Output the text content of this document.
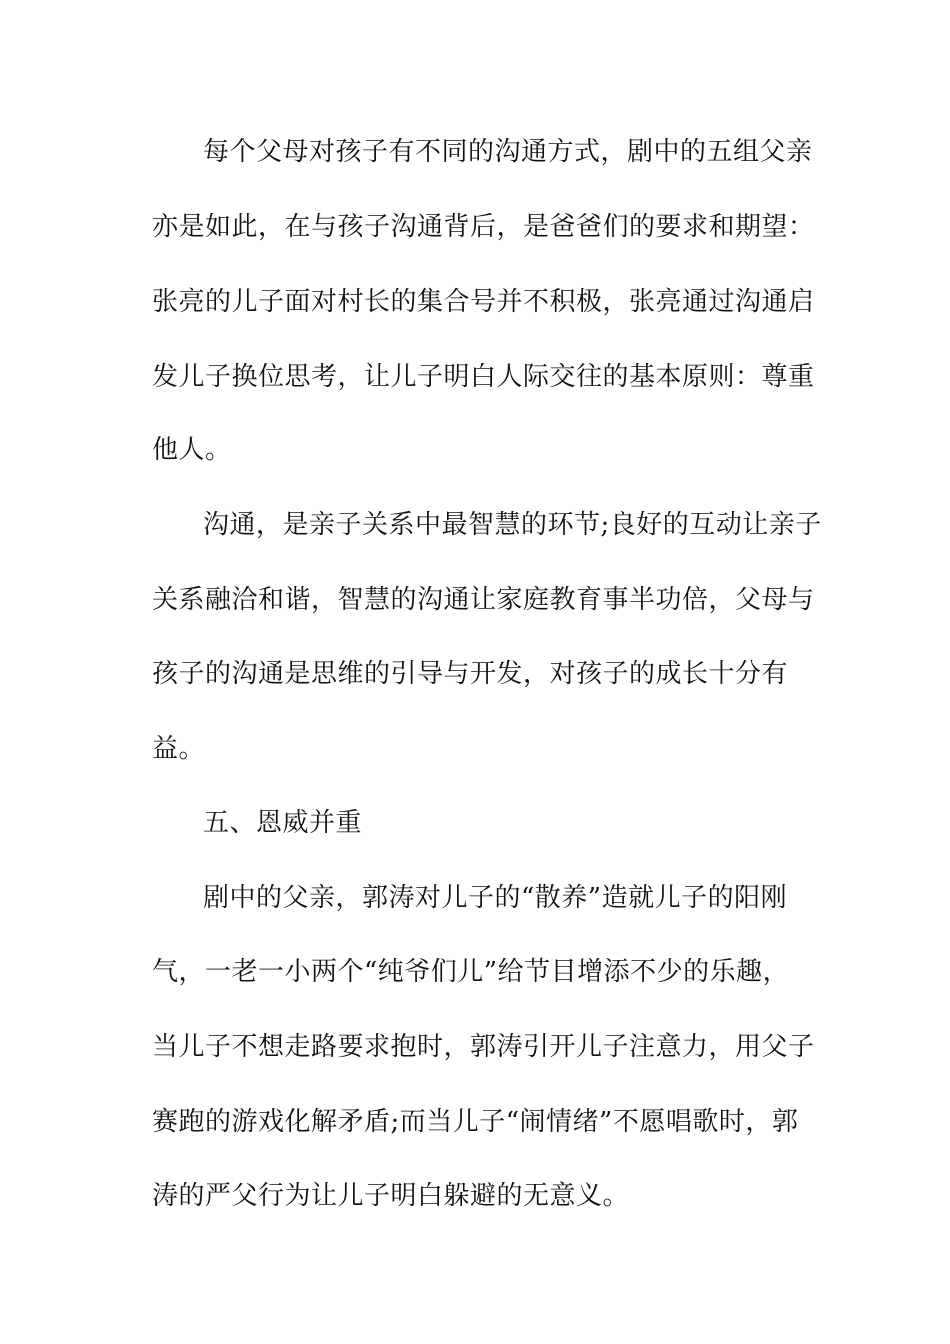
每个父母对孩子有不同的沟通方式，剧中的五组父亲
亦是如此，在与孩子沟通背后，是爸爸们的要求和期望：
张亮的儿子面对村长的集合号并不积极，张亮通过沟通启
发儿子换位思考，让儿子明白人际交往的基本原则：尊重
他人。
沟通，是亲子关系中最智慧的环节;良好的互动让亲子
关系融洽和谐，智慧的沟通让家庭教育事半功倍，父母与
孩子的沟通是思维的引导与开发，对孩子的成长十分有
益。
五、恩威并重
剧中的父亲，郭涛对儿子的“散养”造就儿子的阳刚
气，一老一小两个“纯爷们儿”给节目增添不少的乐趣，
当儿子不想走路要求抱时，郭涛引开儿子注意力，用父子
赛跑的游戏化解矛盾;而当儿子“闹情绪”不愿唱歌时，郭
涛的严父行为让儿子明白躲避的无意义。
